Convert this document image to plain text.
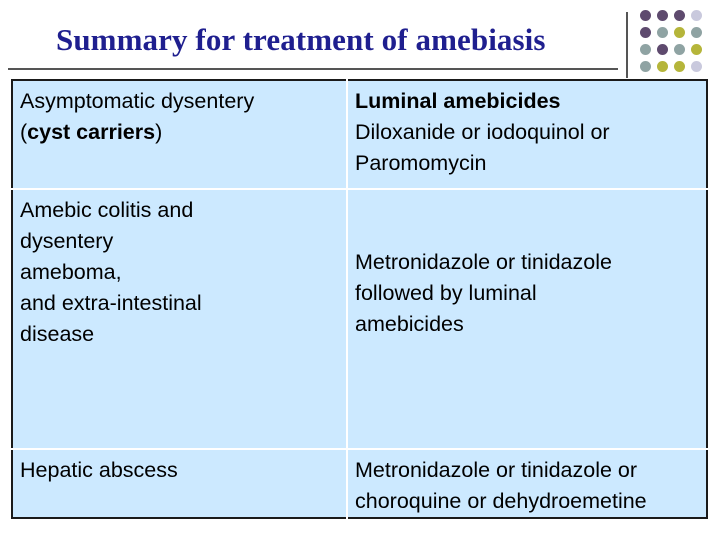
Summary for treatment of amebiasis
Asymptomatic dysentery
(cyst carriers)	Luminal amebicides
Diloxanide or iodoquinol or
Paromomycin

Amebic colitis and
dysentery
ameboma,
and extra-intestinal
disease	Metronidazole or tinidazole
followed by luminal
amebicides

Hepatic abscess	Metronidazole or tinidazole or
choroquine or dehydroemetine
